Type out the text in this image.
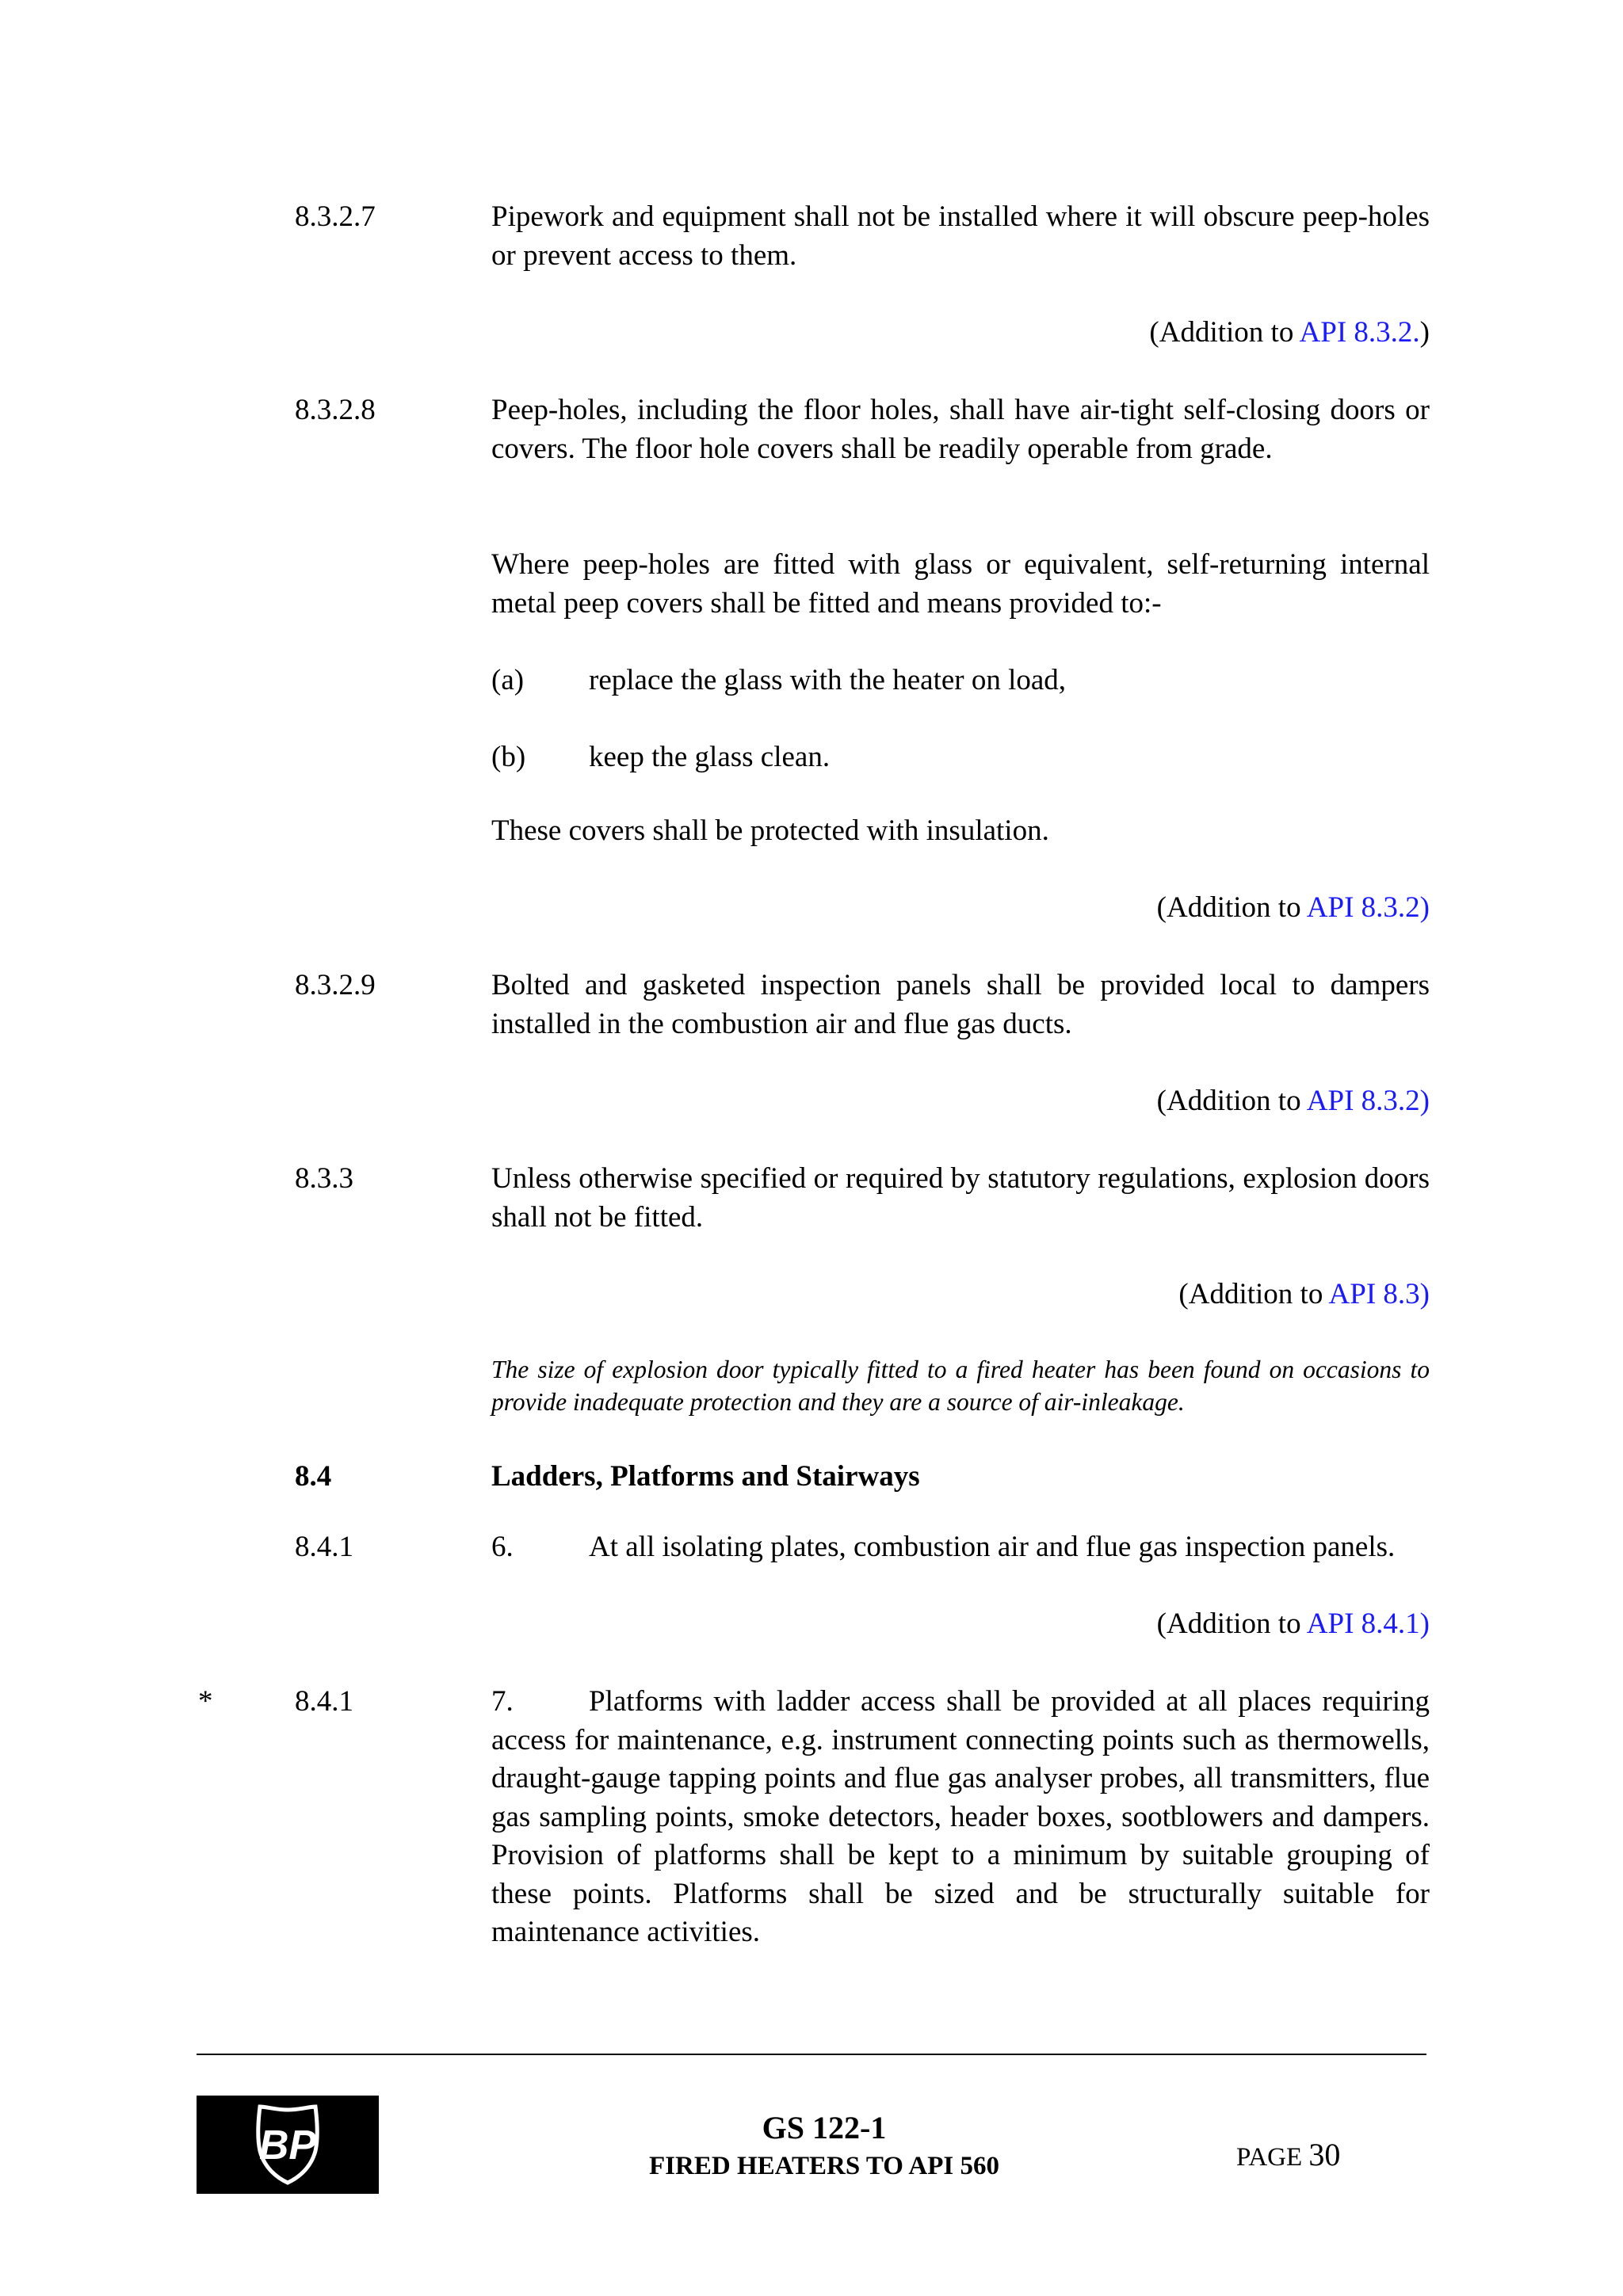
8.3.2.7	Pipework and equipment shall not be installed where it will obscure peep-holes or prevent access to them.
(Addition to API 8.3.2.)
8.3.2.8	Peep-holes, including the floor holes, shall have air-tight self-closing doors or covers. The floor hole covers shall be readily operable from grade.
Where peep-holes are fitted with glass or equivalent, self-returning internal metal peep covers shall be fitted and means provided to:-
(a) replace the glass with the heater on load,
(b) keep the glass clean.
These covers shall be protected with insulation.
(Addition to API 8.3.2)
8.3.2.9	Bolted and gasketed inspection panels shall be provided local to dampers installed in the combustion air and flue gas ducts.
(Addition to API 8.3.2)
8.3.3	Unless otherwise specified or required by statutory regulations, explosion doors shall not be fitted.
(Addition to API 8.3)
The size of explosion door typically fitted to a fired heater has been found on occasions to provide inadequate protection and they are a source of air-inleakage.
8.4	Ladders, Platforms and Stairways
8.4.1	6.	At all isolating plates, combustion air and flue gas inspection panels.
(Addition to API 8.4.1)
*	8.4.1	7.	Platforms with ladder access shall be provided at all places requiring access for maintenance, e.g. instrument connecting points such as thermowells, draught-gauge tapping points and flue gas analyser probes, all transmitters, flue gas sampling points, smoke detectors, header boxes, sootblowers and dampers. Provision of platforms shall be kept to a minimum by suitable grouping of these points. Platforms shall be sized and be structurally suitable for maintenance activities.
BP	GS 122-1
FIRED HEATERS TO API 560	PAGE 30
